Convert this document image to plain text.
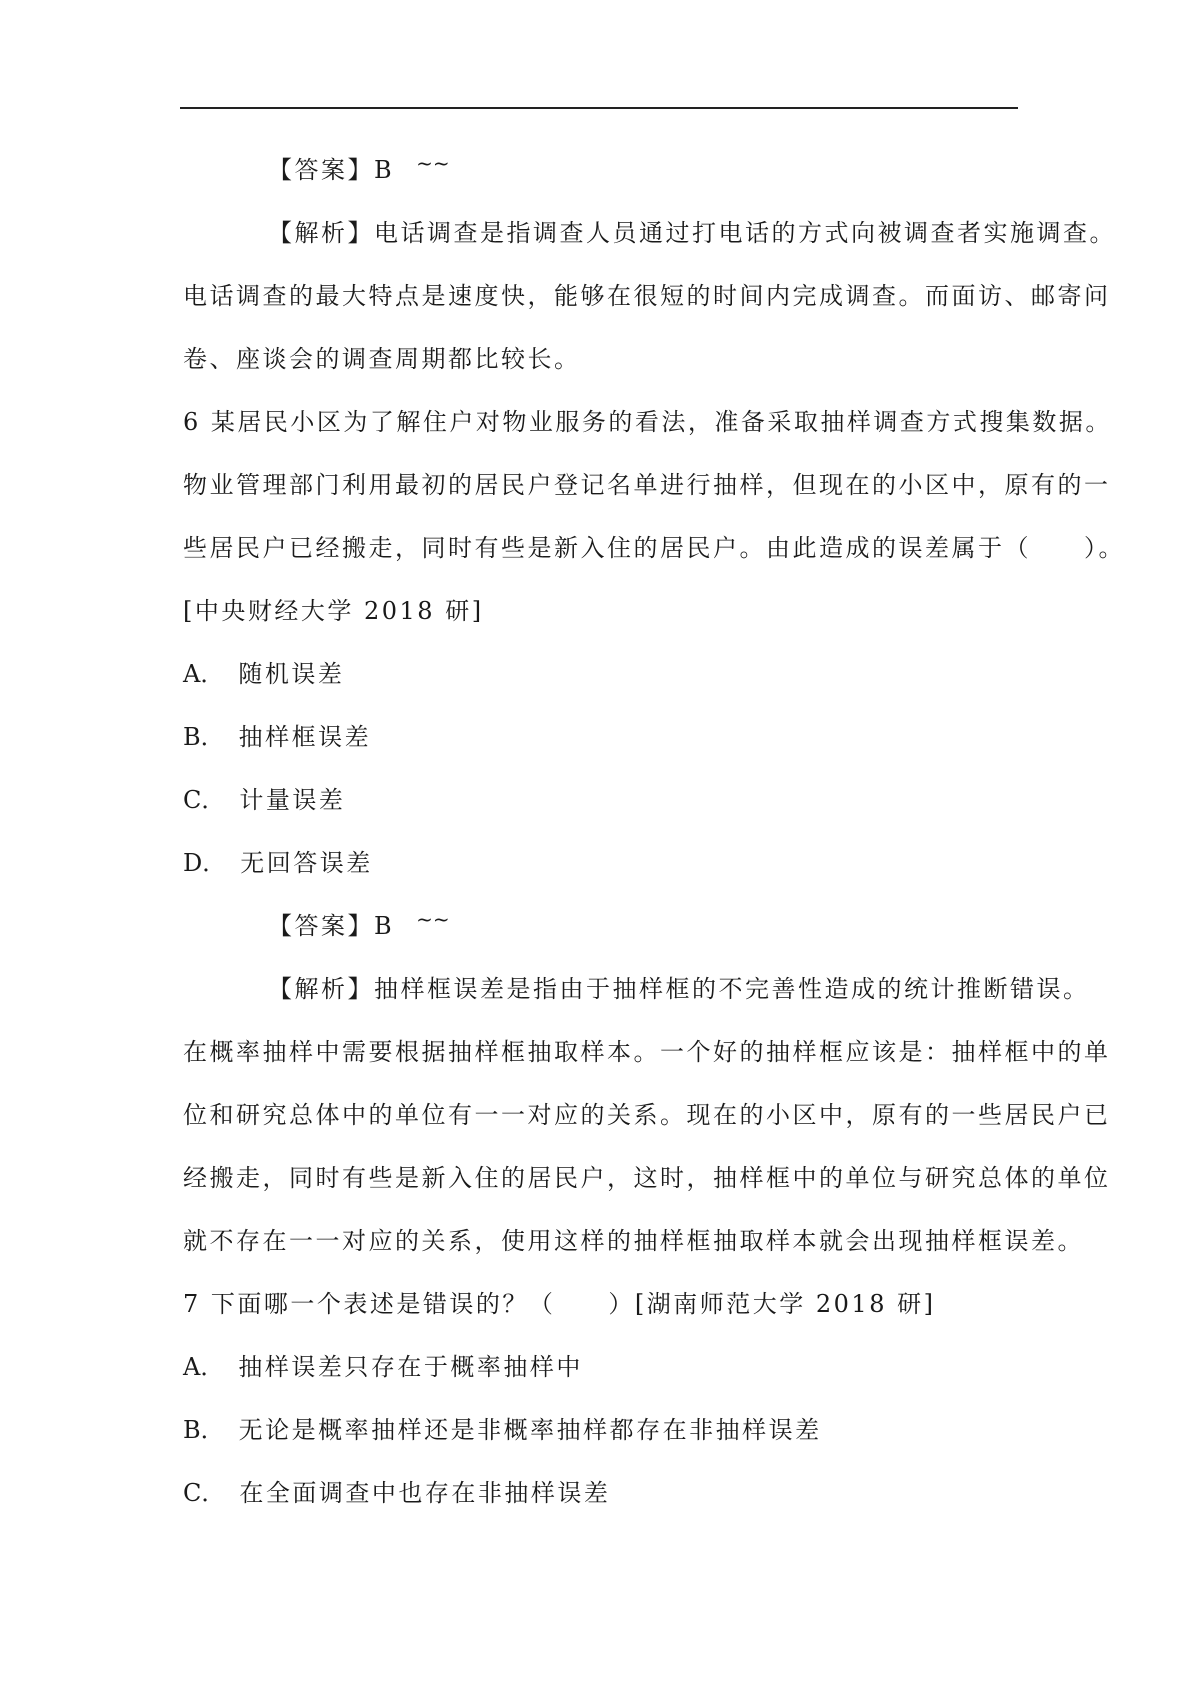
【答案】B ~~
【解析】电话调查是指调查人员通过打电话的方式向被调查者实施调查。
电话调查的最大特点是速度快，能够在很短的时间内完成调查。而面访、邮寄问
卷、座谈会的调查周期都比较长。
6 某居民小区为了解住户对物业服务的看法，准备采取抽样调查方式搜集数据。
物业管理部门利用最初的居民户登记名单进行抽样，但现在的小区中，原有的一
些居民户已经搬走，同时有些是新入住的居民户。由此造成的误差属于（　　）。
[中央财经大学 2018 研]
A． 随机误差
B． 抽样框误差
C． 计量误差
D． 无回答误差
【答案】B ~~
【解析】抽样框误差是指由于抽样框的不完善性造成的统计推断错误。
在概率抽样中需要根据抽样框抽取样本。一个好的抽样框应该是：抽样框中的单
位和研究总体中的单位有一一对应的关系。现在的小区中，原有的一些居民户已
经搬走，同时有些是新入住的居民户，这时，抽样框中的单位与研究总体的单位
就不存在一一对应的关系，使用这样的抽样框抽取样本就会出现抽样框误差。
7 下面哪一个表述是错误的？（　　）[湖南师范大学 2018 研]
A． 抽样误差只存在于概率抽样中
B． 无论是概率抽样还是非概率抽样都存在非抽样误差
C． 在全面调查中也存在非抽样误差
